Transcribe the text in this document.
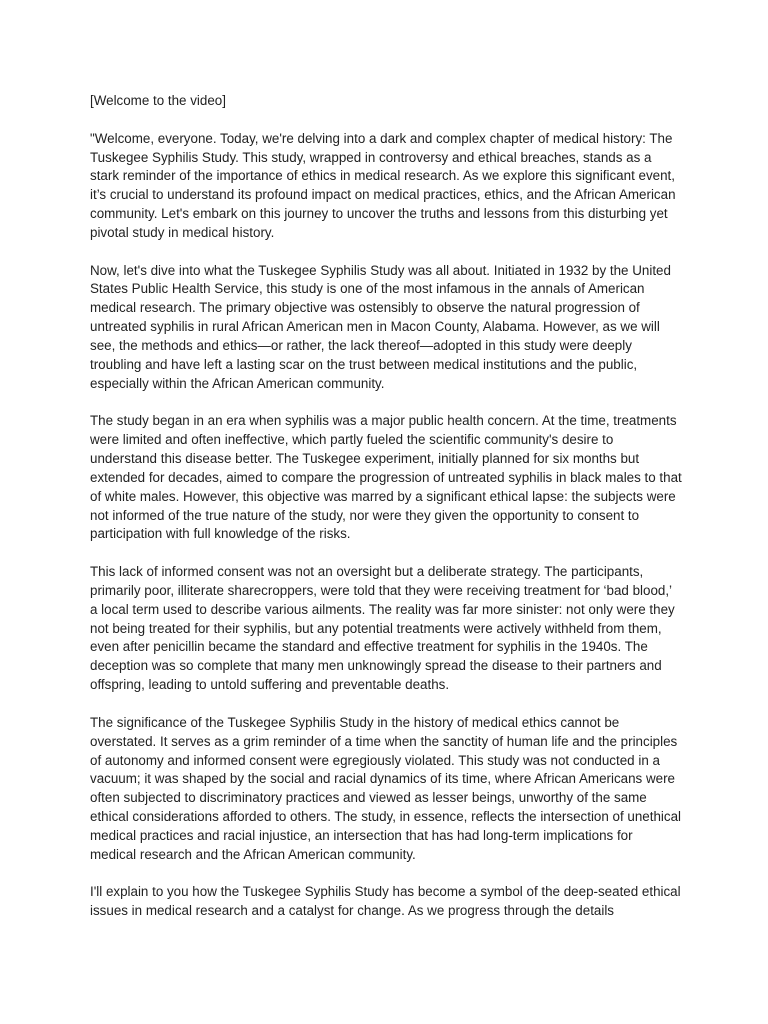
[Welcome to the video]

"Welcome, everyone. Today, we're delving into a dark and complex chapter of medical history: The Tuskegee Syphilis Study. This study, wrapped in controversy and ethical breaches, stands as a stark reminder of the importance of ethics in medical research. As we explore this significant event, it’s crucial to understand its profound impact on medical practices, ethics, and the African American community. Let's embark on this journey to uncover the truths and lessons from this disturbing yet pivotal study in medical history.

Now, let's dive into what the Tuskegee Syphilis Study was all about. Initiated in 1932 by the United States Public Health Service, this study is one of the most infamous in the annals of American medical research. The primary objective was ostensibly to observe the natural progression of untreated syphilis in rural African American men in Macon County, Alabama. However, as we will see, the methods and ethics—or rather, the lack thereof—adopted in this study were deeply troubling and have left a lasting scar on the trust between medical institutions and the public, especially within the African American community.

The study began in an era when syphilis was a major public health concern. At the time, treatments were limited and often ineffective, which partly fueled the scientific community's desire to understand this disease better. The Tuskegee experiment, initially planned for six months but extended for decades, aimed to compare the progression of untreated syphilis in black males to that of white males. However, this objective was marred by a significant ethical lapse: the subjects were not informed of the true nature of the study, nor were they given the opportunity to consent to participation with full knowledge of the risks.

This lack of informed consent was not an oversight but a deliberate strategy. The participants, primarily poor, illiterate sharecroppers, were told that they were receiving treatment for ‘bad blood,’ a local term used to describe various ailments. The reality was far more sinister: not only were they not being treated for their syphilis, but any potential treatments were actively withheld from them, even after penicillin became the standard and effective treatment for syphilis in the 1940s. The deception was so complete that many men unknowingly spread the disease to their partners and offspring, leading to untold suffering and preventable deaths.

The significance of the Tuskegee Syphilis Study in the history of medical ethics cannot be overstated. It serves as a grim reminder of a time when the sanctity of human life and the principles of autonomy and informed consent were egregiously violated. This study was not conducted in a vacuum; it was shaped by the social and racial dynamics of its time, where African Americans were often subjected to discriminatory practices and viewed as lesser beings, unworthy of the same ethical considerations afforded to others. The study, in essence, reflects the intersection of unethical medical practices and racial injustice, an intersection that has had long-term implications for medical research and the African American community.

I'll explain to you how the Tuskegee Syphilis Study has become a symbol of the deep-seated ethical issues in medical research and a catalyst for change. As we progress through the details
